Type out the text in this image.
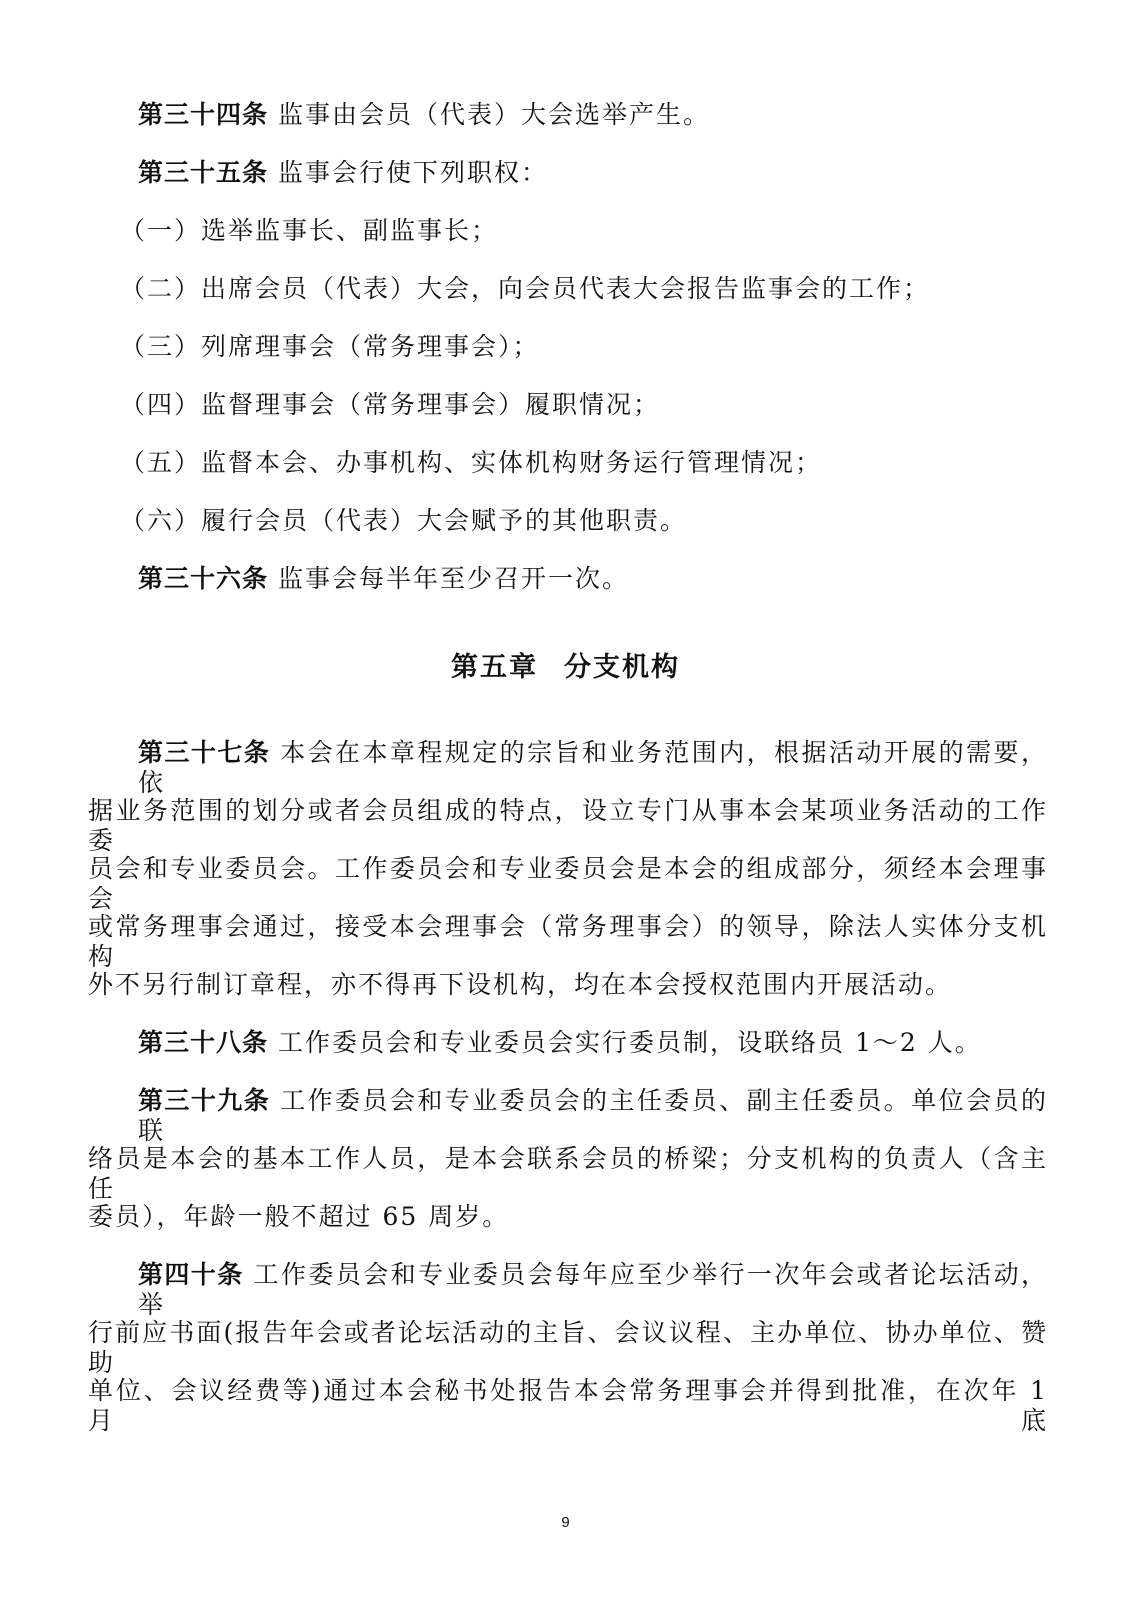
第三十四条 监事由会员（代表）大会选举产生。
第三十五条 监事会行使下列职权：
（一）选举监事长、副监事长；
（二）出席会员（代表）大会，向会员代表大会报告监事会的工作；
（三）列席理事会（常务理事会）；
（四）监督理事会（常务理事会）履职情况；
（五）监督本会、办事机构、实体机构财务运行管理情况；
（六）履行会员（代表）大会赋予的其他职责。
第三十六条 监事会每半年至少召开一次。
第五章 分支机构
第三十七条 本会在本章程规定的宗旨和业务范围内，根据活动开展的需要，依
据业务范围的划分或者会员组成的特点，设立专门从事本会某项业务活动的工作委
员会和专业委员会。工作委员会和专业委员会是本会的组成部分，须经本会理事会
或常务理事会通过，接受本会理事会（常务理事会）的领导，除法人实体分支机构
外不另行制订章程，亦不得再下设机构，均在本会授权范围内开展活动。
第三十八条 工作委员会和专业委员会实行委员制，设联络员 1～2 人。
第三十九条 工作委员会和专业委员会的主任委员、副主任委员。单位会员的联
络员是本会的基本工作人员，是本会联系会员的桥梁；分支机构的负责人（含主任
委员），年龄一般不超过 65 周岁。
第四十条 工作委员会和专业委员会每年应至少举行一次年会或者论坛活动，举
行前应书面(报告年会或者论坛活动的主旨、会议议程、主办单位、协办单位、赞助
单位、会议经费等)通过本会秘书处报告本会常务理事会并得到批准，在次年 1 月底
9
